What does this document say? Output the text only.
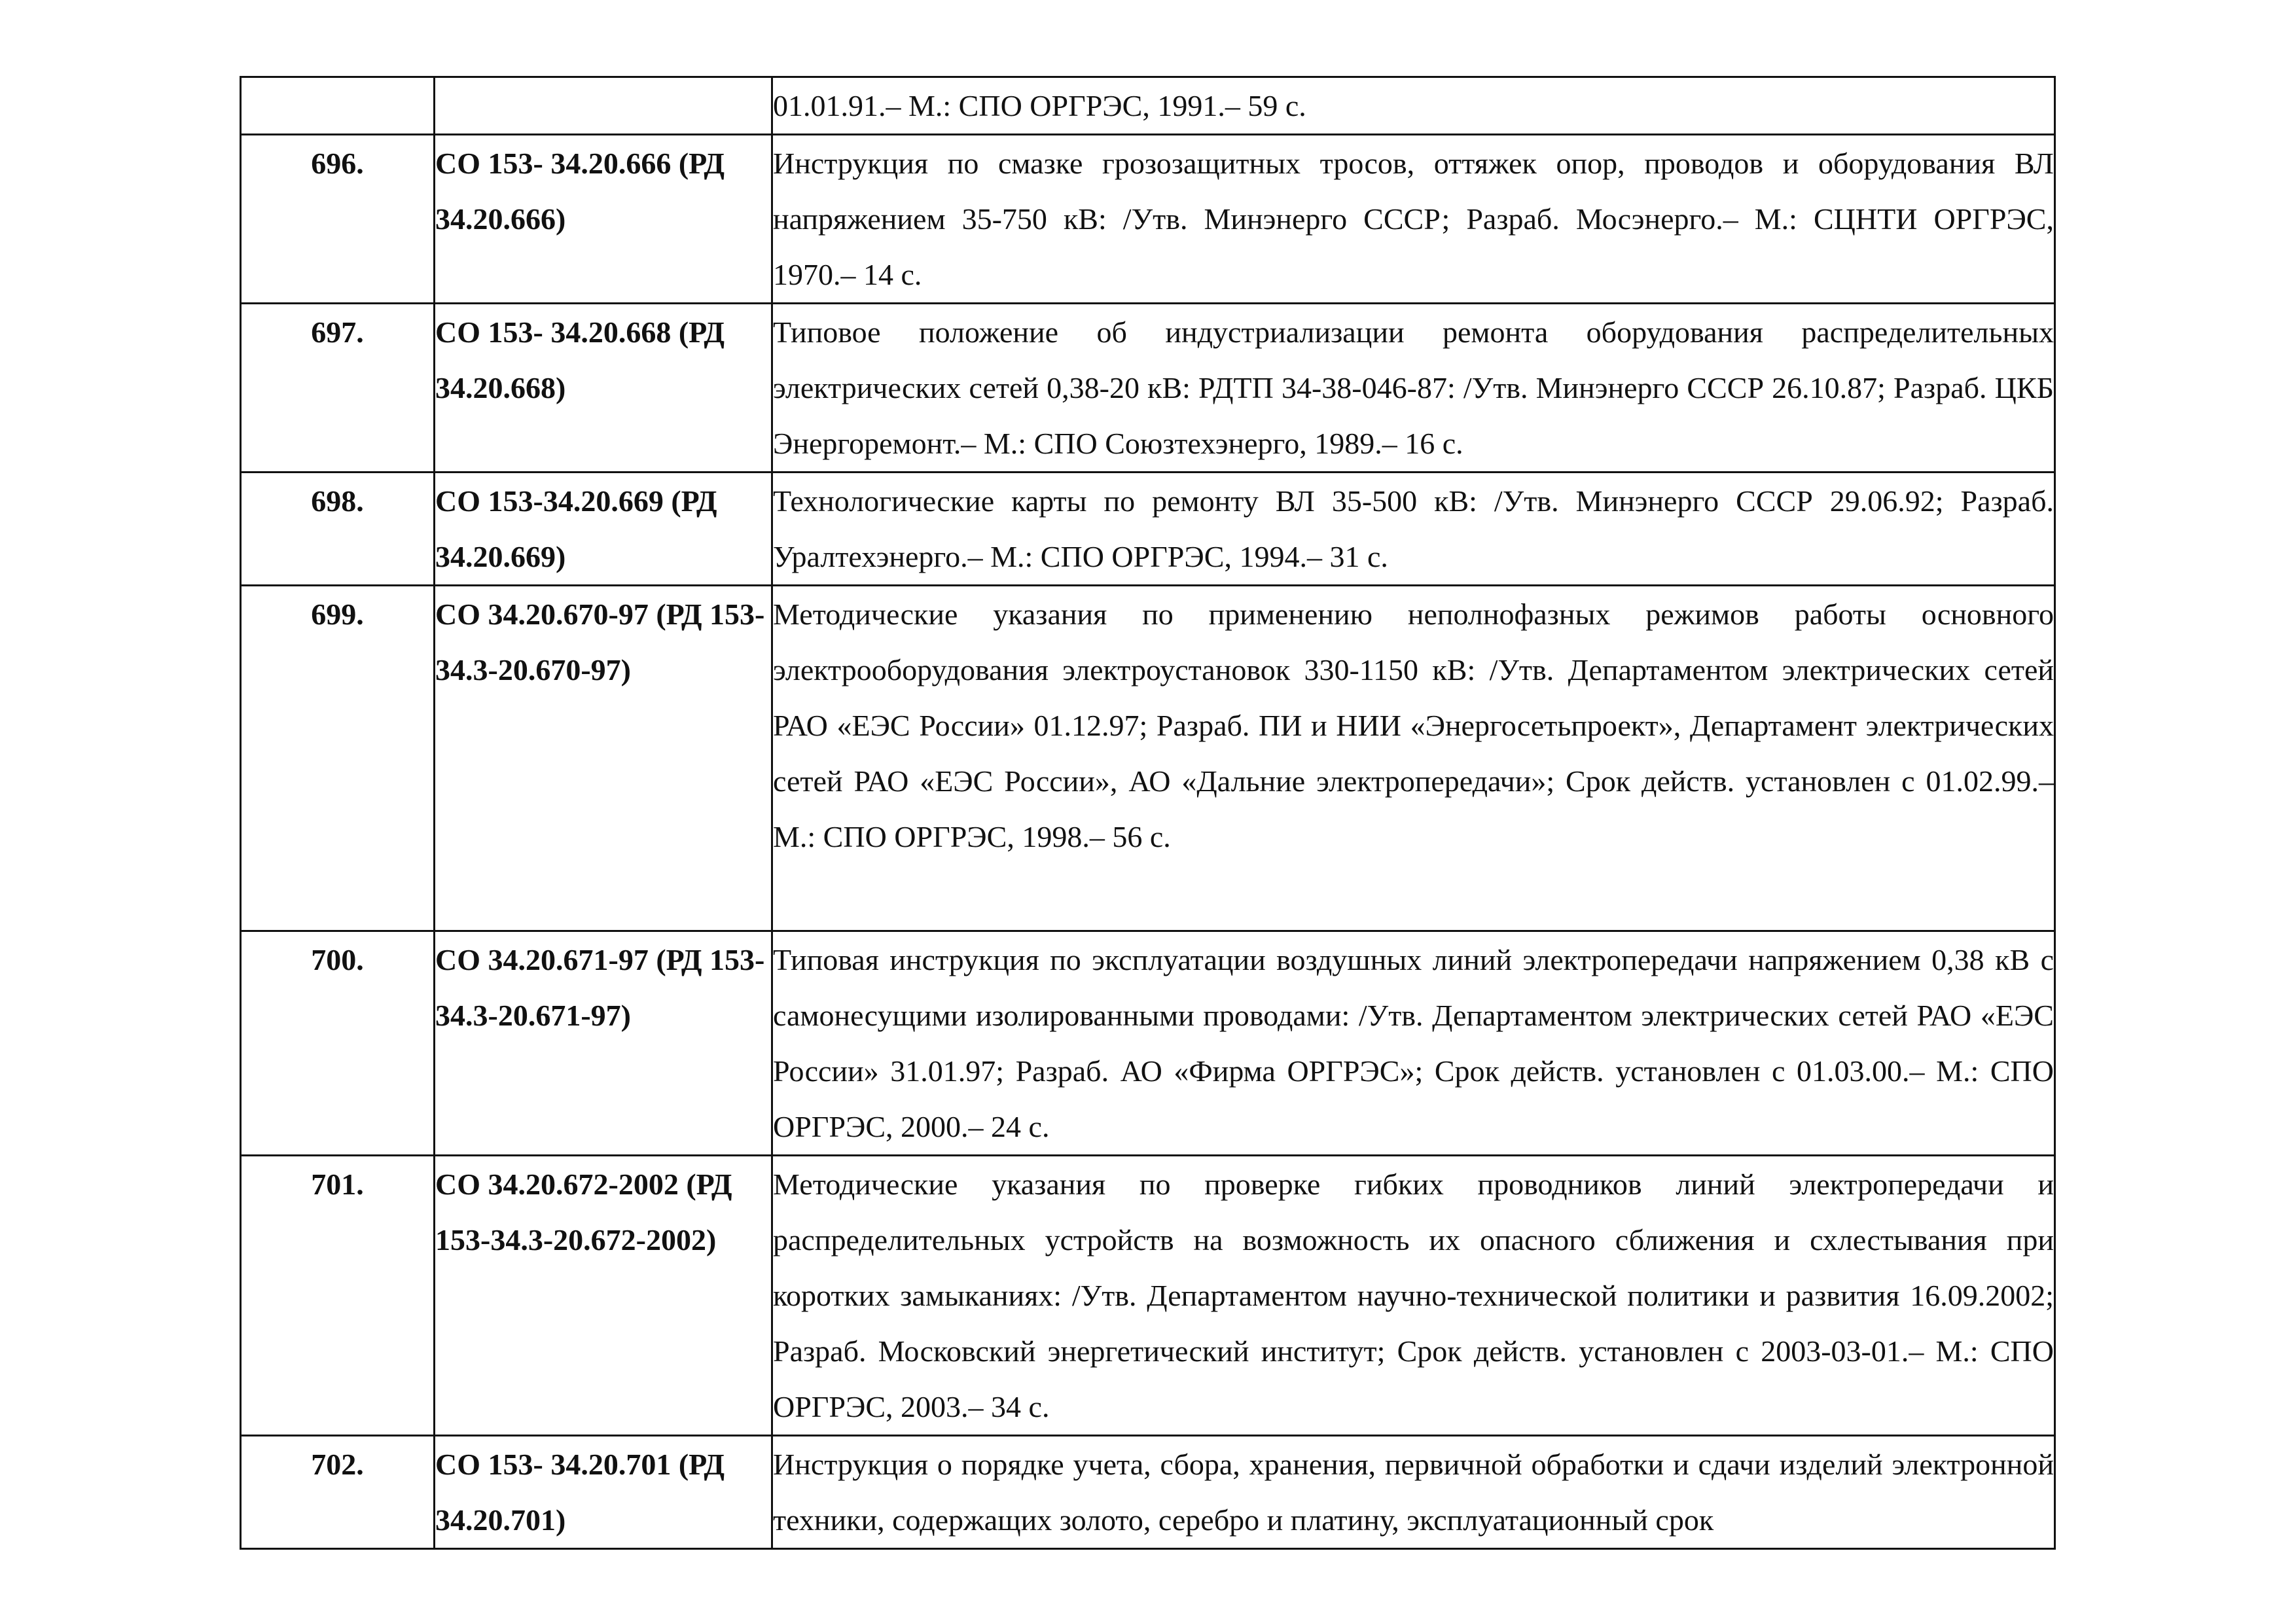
		01.01.91.– М.: СПО ОРГРЭС, 1991.– 59 с.
696.	СО 153- 34.20.666 (РД 34.20.666)	Инструкция по смазке грозозащитных тросов, оттяжек опор, проводов и оборудования ВЛ напряжением 35-750 кВ: /Утв. Минэнерго СССР; Разраб. Мосэнерго.– М.: СЦНТИ ОРГРЭС, 1970.– 14 с.
697.	СО 153- 34.20.668 (РД 34.20.668)	Типовое положение об индустриализации ремонта оборудования распределительных электрических сетей 0,38-20 кВ: РДТП 34-38-046-87: /Утв. Минэнерго СССР 26.10.87; Разраб. ЦКБ Энергоремонт.– М.: СПО Союзтехэнерго, 1989.– 16 с.
698.	СО 153-34.20.669 (РД 34.20.669)	Технологические карты по ремонту ВЛ 35-500 кВ: /Утв. Минэнерго СССР 29.06.92; Разраб. Уралтехэнерго.– М.: СПО ОРГРЭС, 1994.– 31 с.
699.	СО 34.20.670-97 (РД 153-34.3-20.670-97)	Методические указания по применению неполнофазных режимов работы основного электрооборудования электроустановок 330-1150 кВ: /Утв. Департаментом электрических сетей РАО «ЕЭС России» 01.12.97; Разраб. ПИ и НИИ «Энергосетьпроект», Департамент электрических сетей РАО «ЕЭС России», АО «Дальние электропередачи»; Срок действ. установлен с 01.02.99.– М.: СПО ОРГРЭС, 1998.– 56 с.
700.	СО 34.20.671-97 (РД 153-34.3-20.671-97)	Типовая инструкция по эксплуатации воздушных линий электропередачи напряжением 0,38 кВ с самонесущими изолированными проводами: /Утв. Департаментом электрических сетей РАО «ЕЭС России» 31.01.97; Разраб. АО «Фирма ОРГРЭС»; Срок действ. установлен с 01.03.00.– М.: СПО ОРГРЭС, 2000.– 24 с.
701.	СО 34.20.672-2002 (РД 153-34.3-20.672-2002)	Методические указания по проверке гибких проводников линий электропередачи и распределительных устройств на возможность их опасного сближения и схлестывания при коротких замыканиях: /Утв. Департаментом научно-технической политики и развития 16.09.2002; Разраб. Московский энергетический институт; Срок действ. установлен с 2003-03-01.– М.: СПО ОРГРЭС, 2003.– 34 с.
702.	СО 153- 34.20.701 (РД 34.20.701)	Инструкция о порядке учета, сбора, хранения, первичной обработки и сдачи изделий электронной техники, содержащих золото, серебро и платину, эксплуатационный срок
